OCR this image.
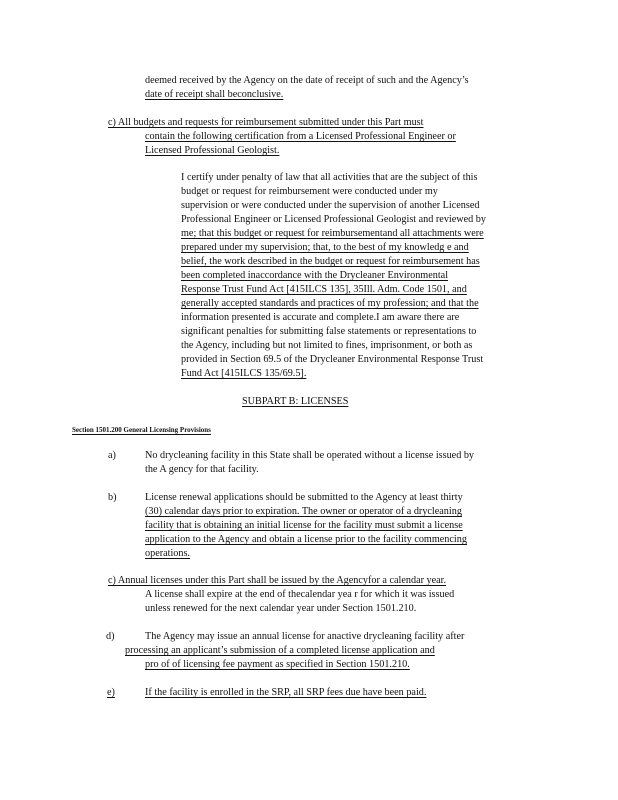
deemed received by the Agency on the date of receipt of such and the Agency’s
date of receipt shall beconclusive.
c) All budgets and requests for reimbursement submitted under this Part must
contain the following certification from a Licensed Professional Engineer or
Licensed Professional Geologist.
I certify under penalty of law that all activities that are the subject of this
budget or request for reimbursement were conducted under my
supervision or were conducted under the supervision of another Licensed
Professional Engineer or Licensed Professional Geologist and reviewed by
me; that this budget or request for reimbursementand all attachments were
prepared under my supervision; that, to the best of my knowledg e and
belief, the work described in the budget or request for reimbursement has
been completed inaccordance with the Drycleaner Environmental
Response Trust Fund Act [415ILCS 135], 35Ill. Adm. Code 1501, and
generally accepted standards and practices of my profession; and that the
information presented is accurate and complete.I am aware there are
significant penalties for submitting false statements or representations to
the Agency, including but not limited to fines, imprisonment, or both as
provided in Section 69.5 of the Drycleaner Environmental Response Trust
Fund Act [415ILCS 135/69.5].
SUBPART B: LICENSES
Section 1501.200 General Licensing Provisions
a)	No drycleaning facility in this State shall be operated without a license issued by
the A gency for that facility.
b)	License renewal applications should be submitted to the Agency at least thirty
(30) calendar days prior to expiration. The owner or operator of a drycleaning
facility that is obtaining an initial license for the facility must submit a license
application to the Agency and obtain a license prior to the facility commencing
operations.
c) Annual licenses under this Part shall be issued by the Agencyfor a calendar year.
A license shall expire at the end of thecalendar yea r for which it was issued
unless renewed for the next calendar year under Section 1501.210.
d)	The Agency may issue an annual license for anactive drycleaning facility after
processing an applicant’s submission of a completed license application and
pro of of licensing fee payment as specified in Section 1501.210.
e)	If the facility is enrolled in the SRP, all SRP fees due have been paid.
